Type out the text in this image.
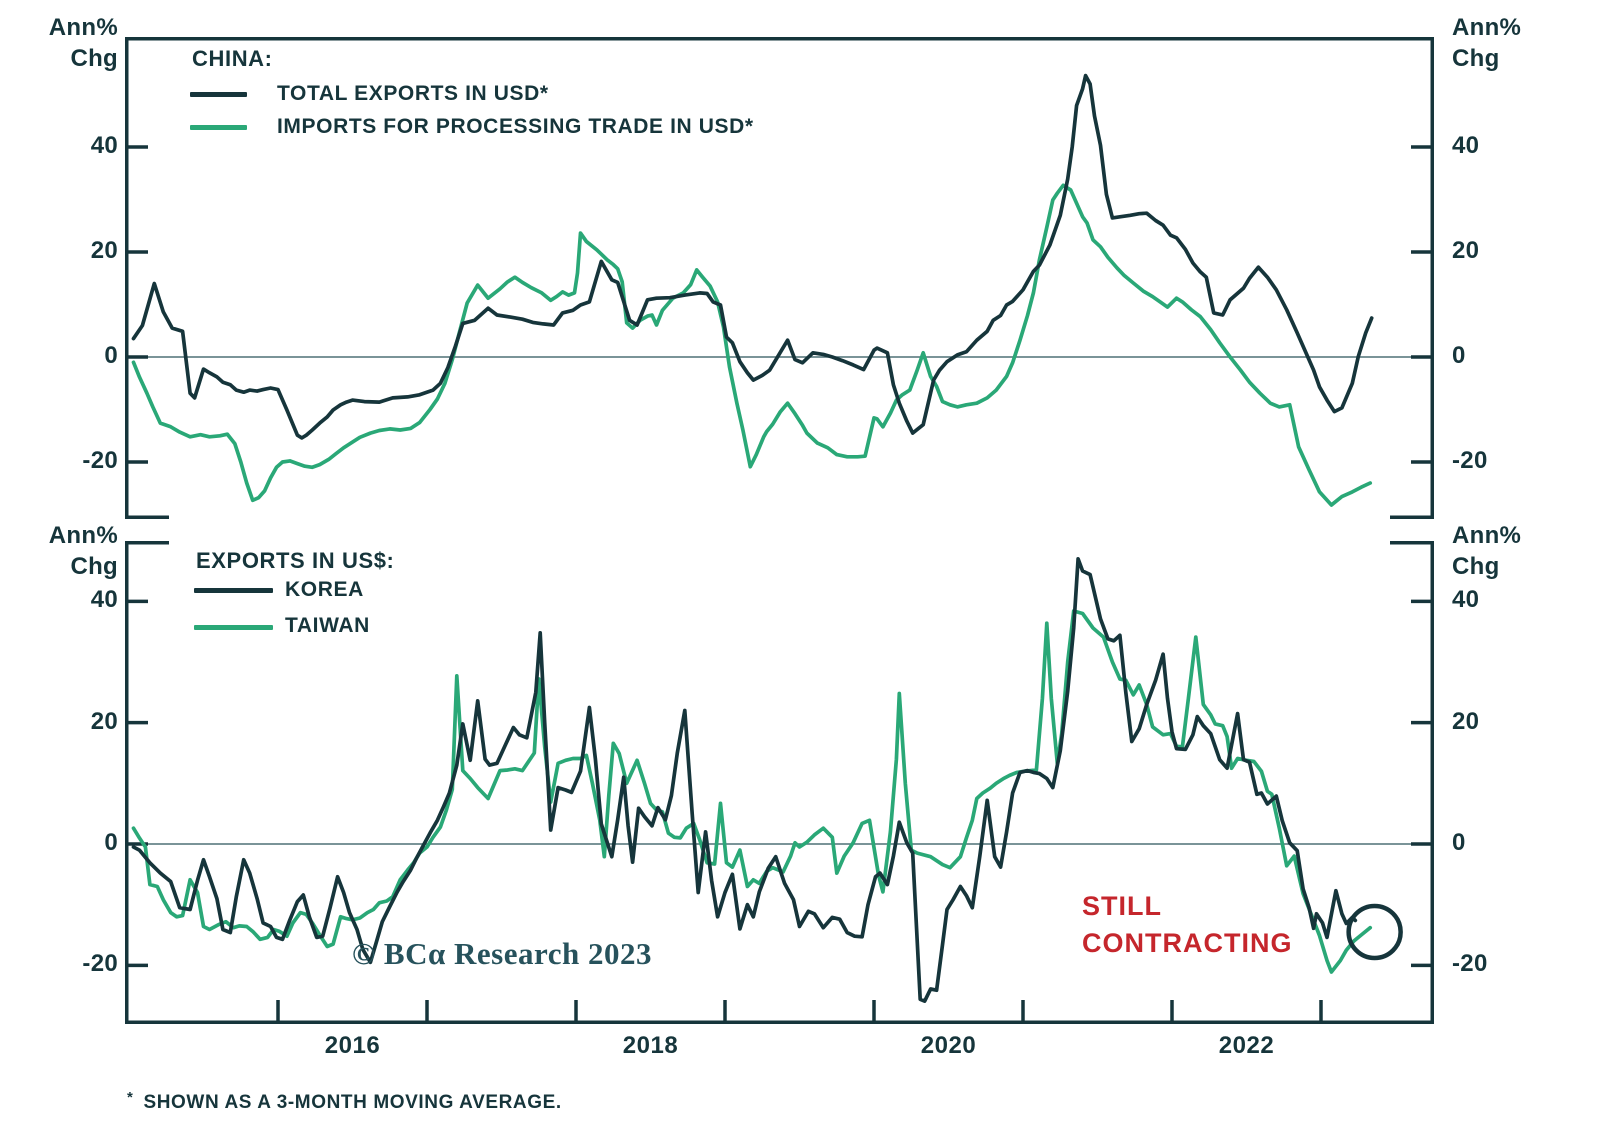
Ann%
Chg
Ann%
Chg
Ann%
Chg
Ann%
Chg
CHINA:
TOTAL EXPORTS IN USD*
IMPORTS FOR PROCESSING TRADE IN USD*
EXPORTS IN US$:
KOREA
TAIWAN
STILL
CONTRACTING
© BCα Research 2023
* SHOWN AS A 3-MONTH MOVING AVERAGE.
40	40
20	20
0	0
-20	-20
40	40
20	20
0	0
-20	-20
2016	2018	2020	2022
